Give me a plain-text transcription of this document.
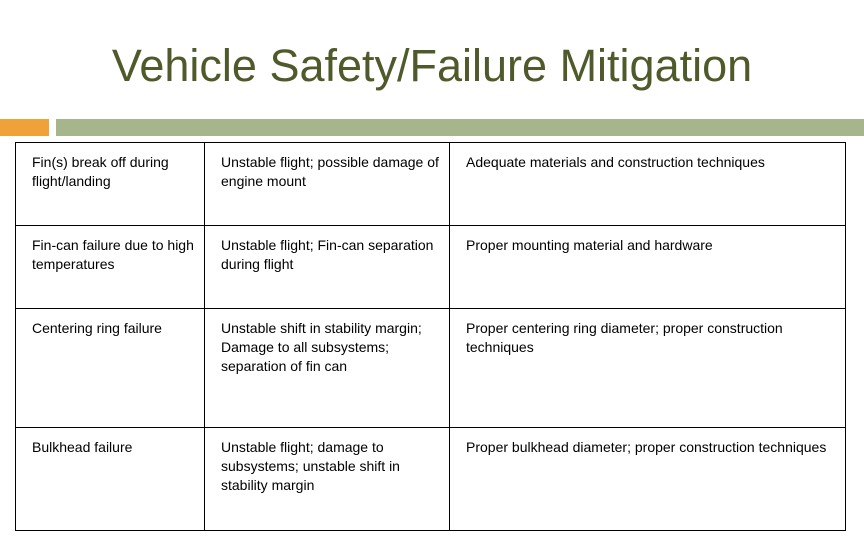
Vehicle Safety/Failure Mitigation
Fin(s) break off during flight/landing	Unstable flight; possible damage of engine mount	Adequate materials and construction techniques
Fin-can failure due to high temperatures	Unstable flight; Fin-can separation during flight	Proper mounting material and hardware
Centering ring failure	Unstable shift in stability margin; Damage to all subsystems; separation of fin can	Proper centering ring diameter; proper construction techniques
Bulkhead failure	Unstable flight; damage to subsystems; unstable shift in stability margin	Proper bulkhead diameter; proper construction techniques
